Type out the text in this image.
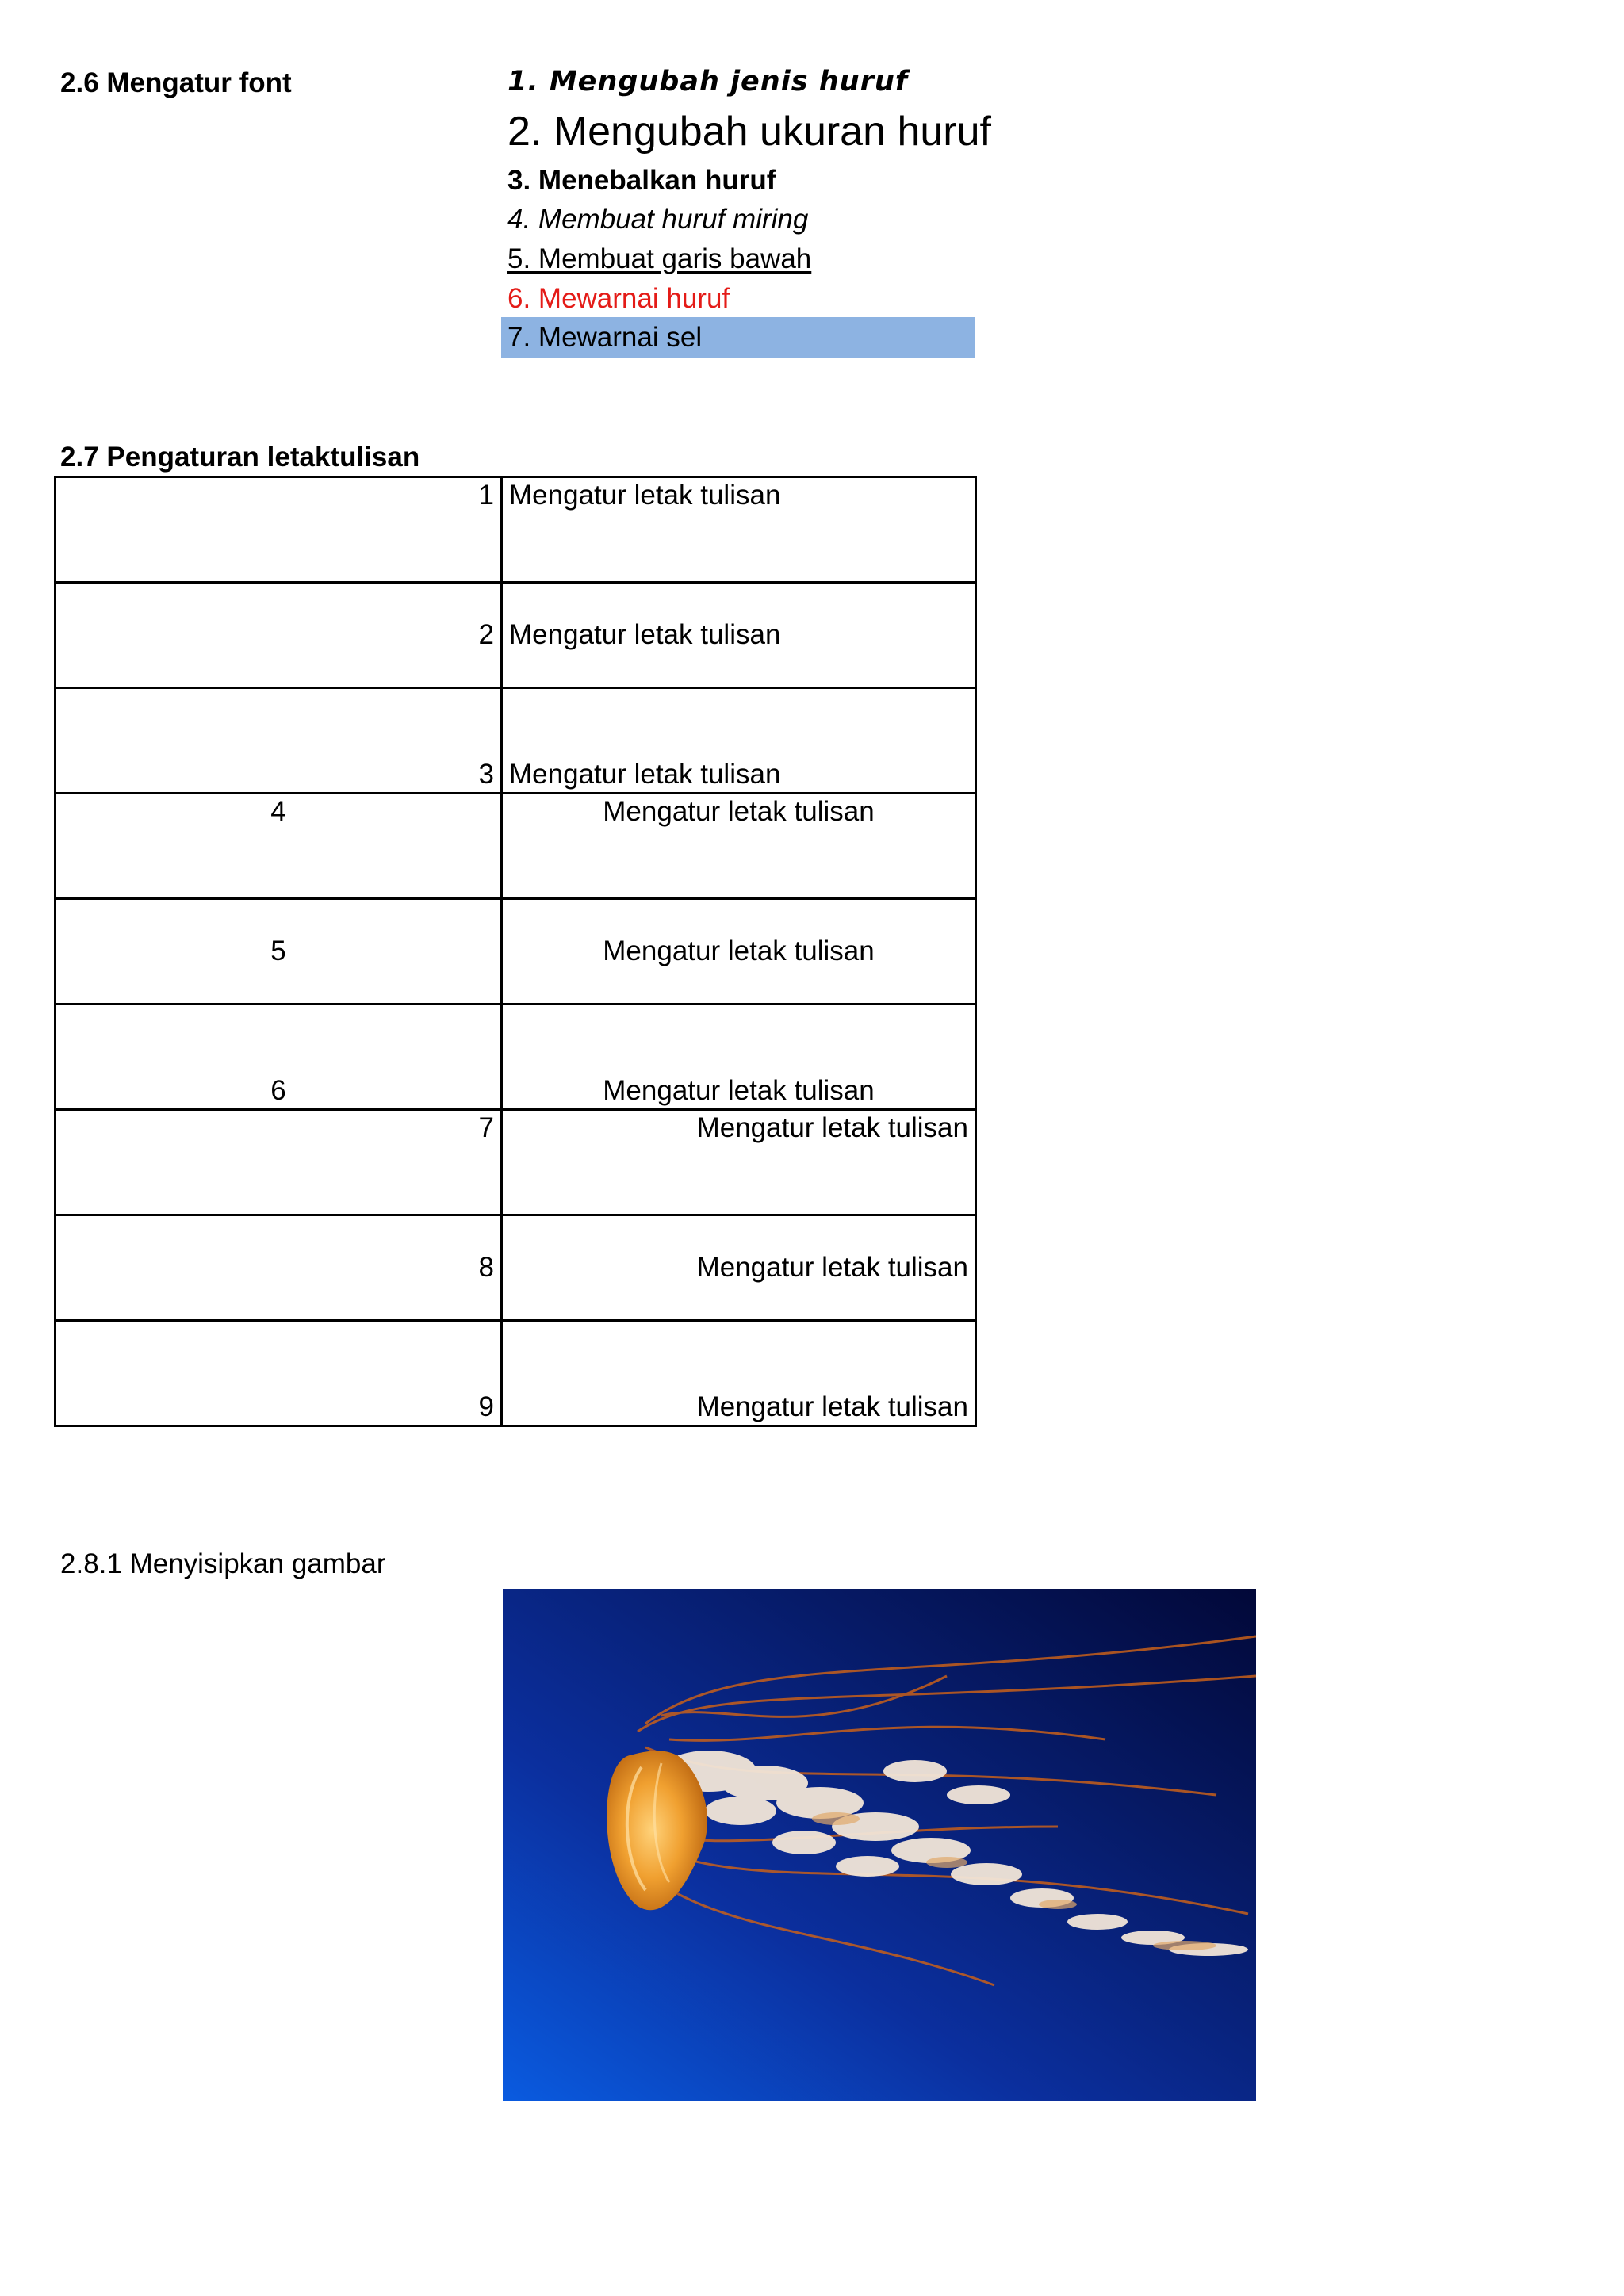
2.6 Mengatur font	1. Mengubah jenis huruf
2. Mengubah ukuran huruf
3. Menebalkan huruf
4. Membuat huruf miring
5. Membuat garis bawah
6. Mewarnai huruf
7. Mewarnai sel
2.7 Pengaturan letaktulisan
1 Mengatur letak tulisan
2 Mengatur letak tulisan
3 Mengatur letak tulisan
4	Mengatur letak tulisan
5	Mengatur letak tulisan
6	Mengatur letak tulisan
7	Mengatur letak tulisan
8	Mengatur letak tulisan
9	Mengatur letak tulisan
2.8.1 Menyisipkan gambar
